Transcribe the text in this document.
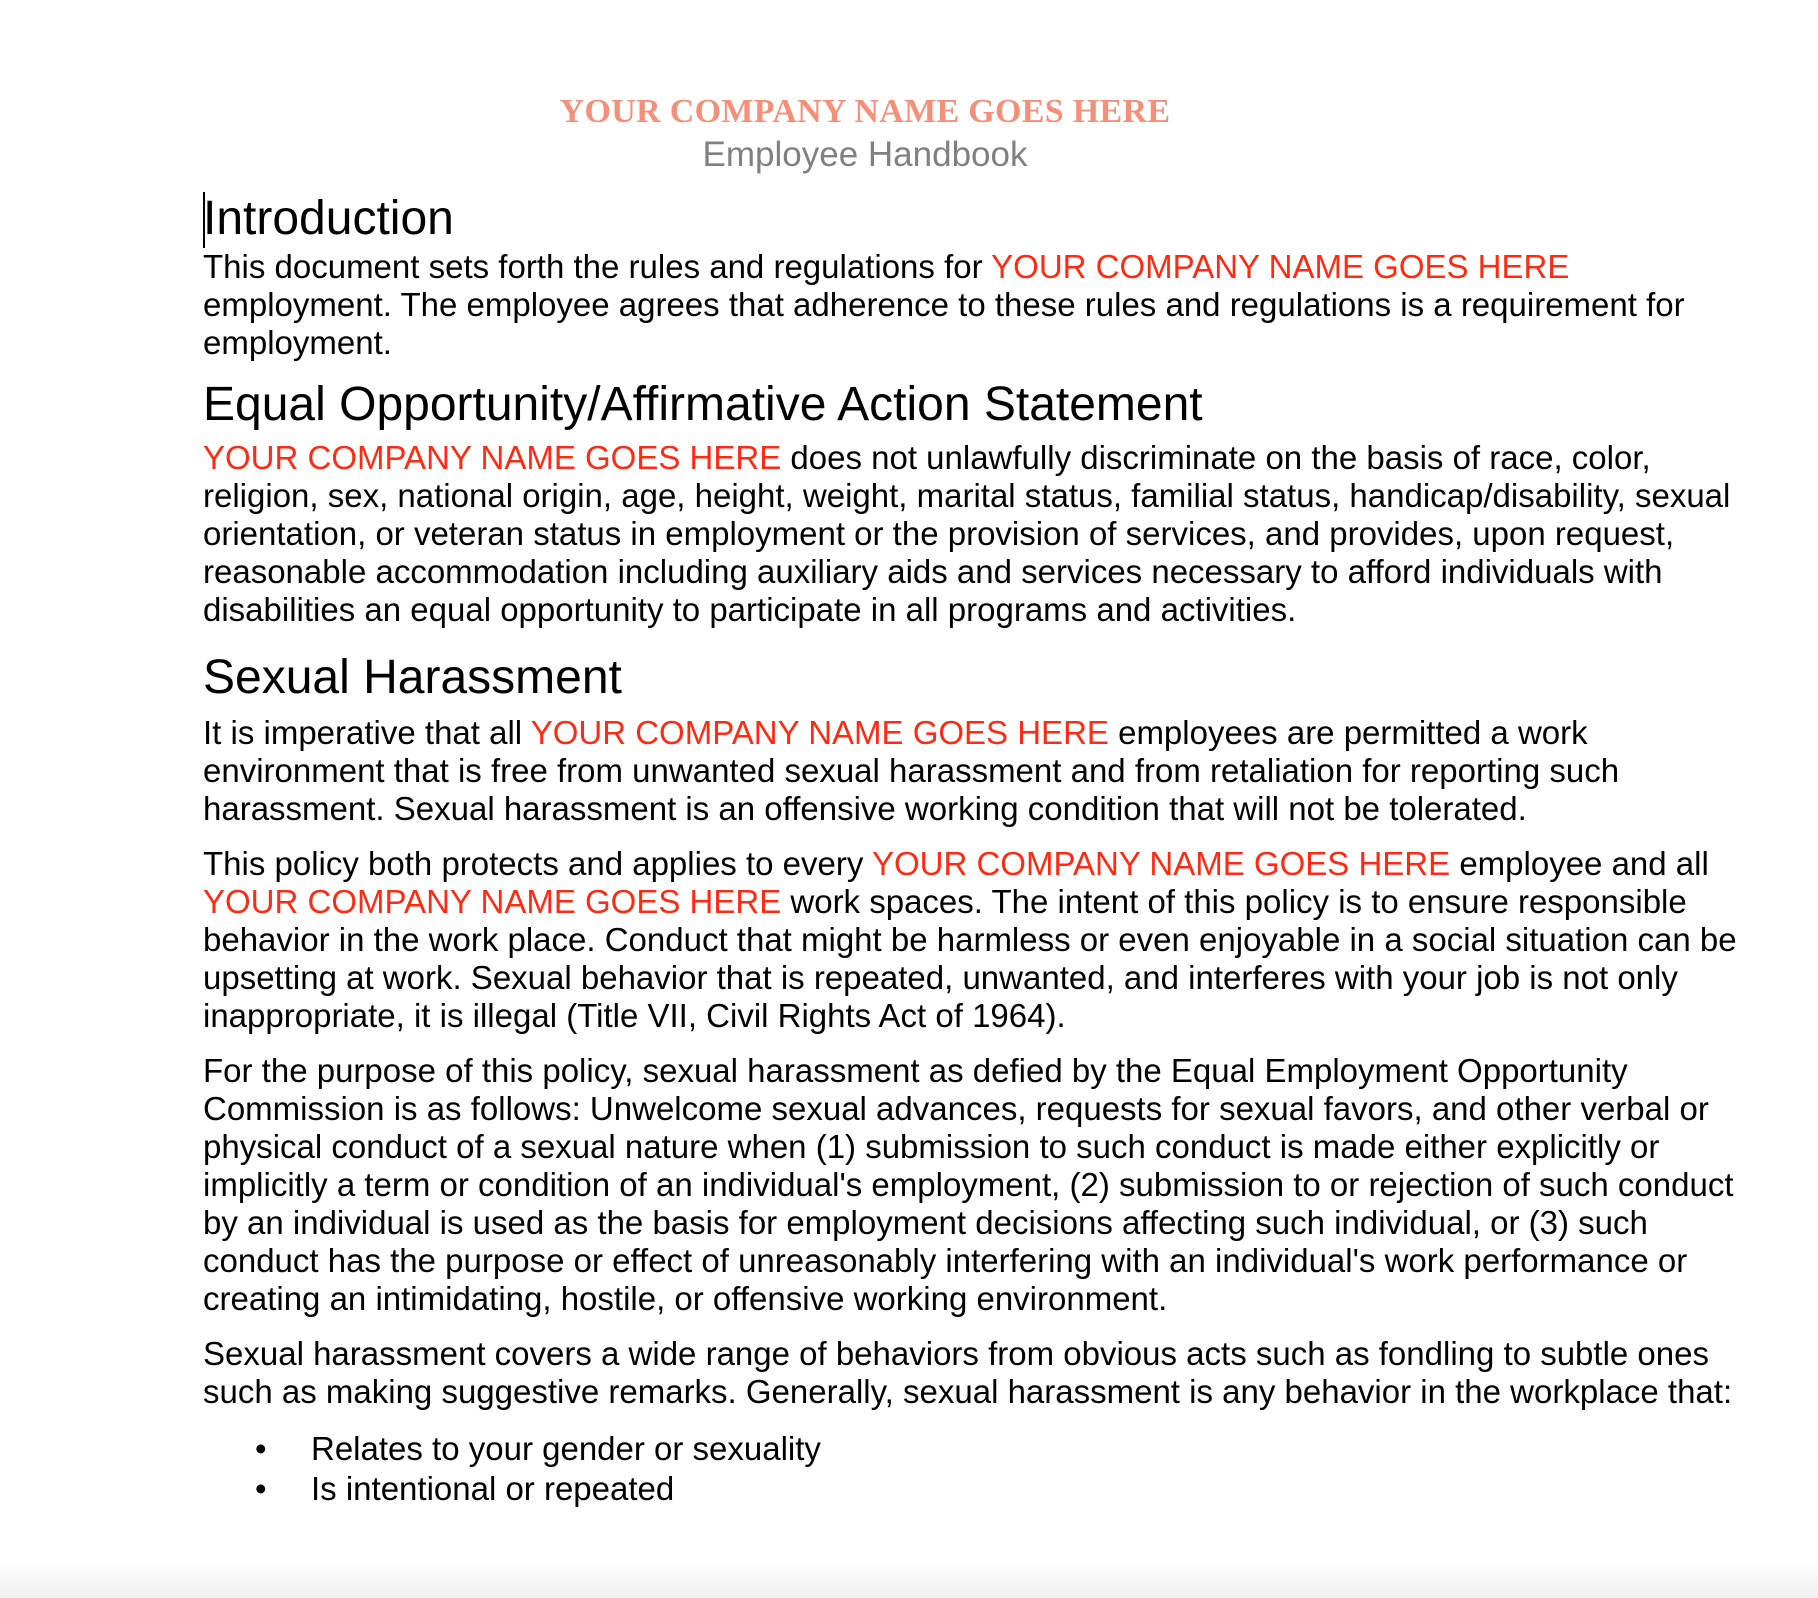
YOUR COMPANY NAME GOES HERE
Employee Handbook
Introduction

This document sets forth the rules and regulations for YOUR COMPANY NAME GOES HERE employment. The employee agrees that adherence to these rules and regulations is a requirement for employment.

Equal Opportunity/Affirmative Action Statement

YOUR COMPANY NAME GOES HERE does not unlawfully discriminate on the basis of race, color, religion, sex, national origin, age, height, weight, marital status, familial status, handicap/disability, sexual orientation, or veteran status in employment or the provision of services, and provides, upon request, reasonable accommodation including auxiliary aids and services necessary to afford individuals with disabilities an equal opportunity to participate in all programs and activities.

Sexual Harassment

It is imperative that all YOUR COMPANY NAME GOES HERE employees are permitted a work environment that is free from unwanted sexual harassment and from retaliation for reporting such harassment. Sexual harassment is an offensive working condition that will not be tolerated.

This policy both protects and applies to every YOUR COMPANY NAME GOES HERE employee and all YOUR COMPANY NAME GOES HERE work spaces. The intent of this policy is to ensure responsible behavior in the work place. Conduct that might be harmless or even enjoyable in a social situation can be upsetting at work. Sexual behavior that is repeated, unwanted, and interferes with your job is not only inappropriate, it is illegal (Title VII, Civil Rights Act of 1964).

For the purpose of this policy, sexual harassment as defied by the Equal Employment Opportunity Commission is as follows: Unwelcome sexual advances, requests for sexual favors, and other verbal or physical conduct of a sexual nature when (1) submission to such conduct is made either explicitly or implicitly a term or condition of an individual's employment, (2) submission to or rejection of such conduct by an individual is used as the basis for employment decisions affecting such individual, or (3) such conduct has the purpose or effect of unreasonably interfering with an individual's work performance or creating an intimidating, hostile, or offensive working environment.

Sexual harassment covers a wide range of behaviors from obvious acts such as fondling to subtle ones such as making suggestive remarks. Generally, sexual harassment is any behavior in the workplace that:

• Relates to your gender or sexuality
• Is intentional or repeated
